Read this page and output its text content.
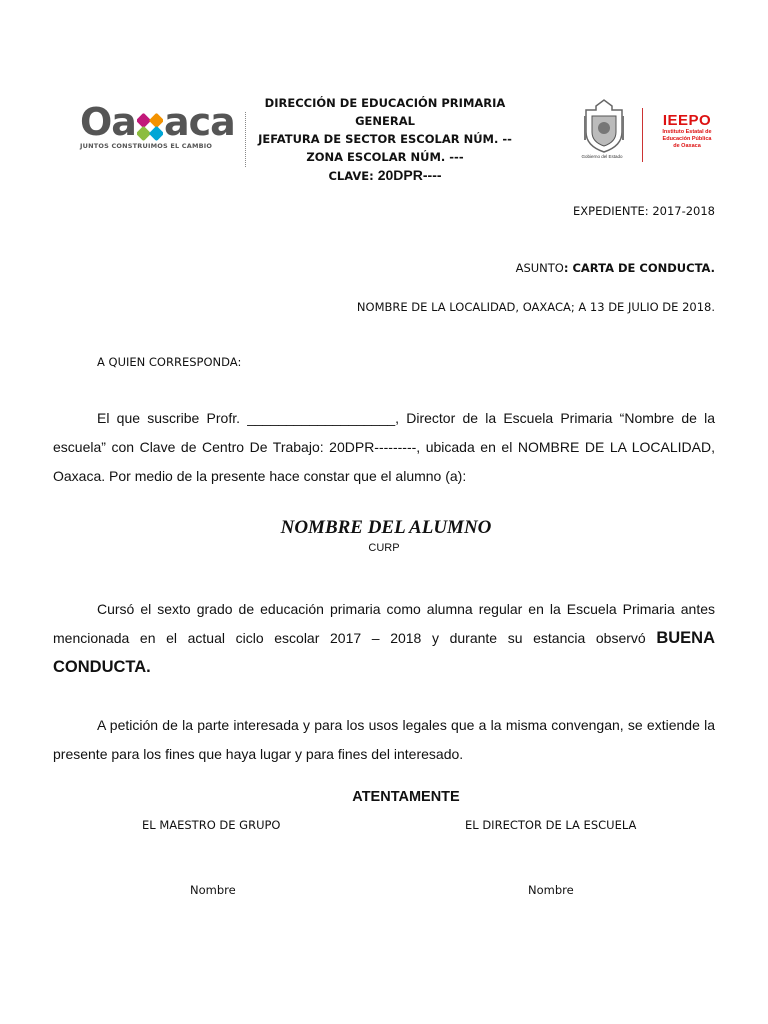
Oa aca
JUNTOS CONSTRUIMOS EL CAMBIO
DIRECCIÓN DE EDUCACIÓN PRIMARIA GENERAL
JEFATURA DE SECTOR ESCOLAR NÚM. --
ZONA ESCOLAR NÚM. ---
CLAVE: 20DPR----
Gobierno del Estado
IEEPO
Instituto Estatal de
Educación Pública
de Oaxaca
EXPEDIENTE: 2017-2018
ASUNTO: CARTA DE CONDUCTA.
NOMBRE DE LA LOCALIDAD, OAXACA; A 13 DE JULIO DE 2018.
A QUIEN CORRESPONDA:
El que suscribe Profr. ___________________, Director de la Escuela Primaria “Nombre de la escuela” con Clave de Centro De Trabajo: 20DPR---------, ubicada en el NOMBRE DE LA LOCALIDAD, Oaxaca. Por medio de la presente hace constar que el alumno (a):
NOMBRE DEL ALUMNO
CURP
Cursó el sexto grado de educación primaria como alumna regular en la Escuela Primaria antes mencionada en el actual ciclo escolar 2017 – 2018 y durante su estancia observó BUENA CONDUCTA.
A petición de la parte interesada y para los usos legales que a la misma convengan, se extiende la presente para los fines que haya lugar y para fines del interesado.
ATENTAMENTE
EL MAESTRO DE GRUPO	EL DIRECTOR DE LA ESCUELA
Nombre	Nombre
